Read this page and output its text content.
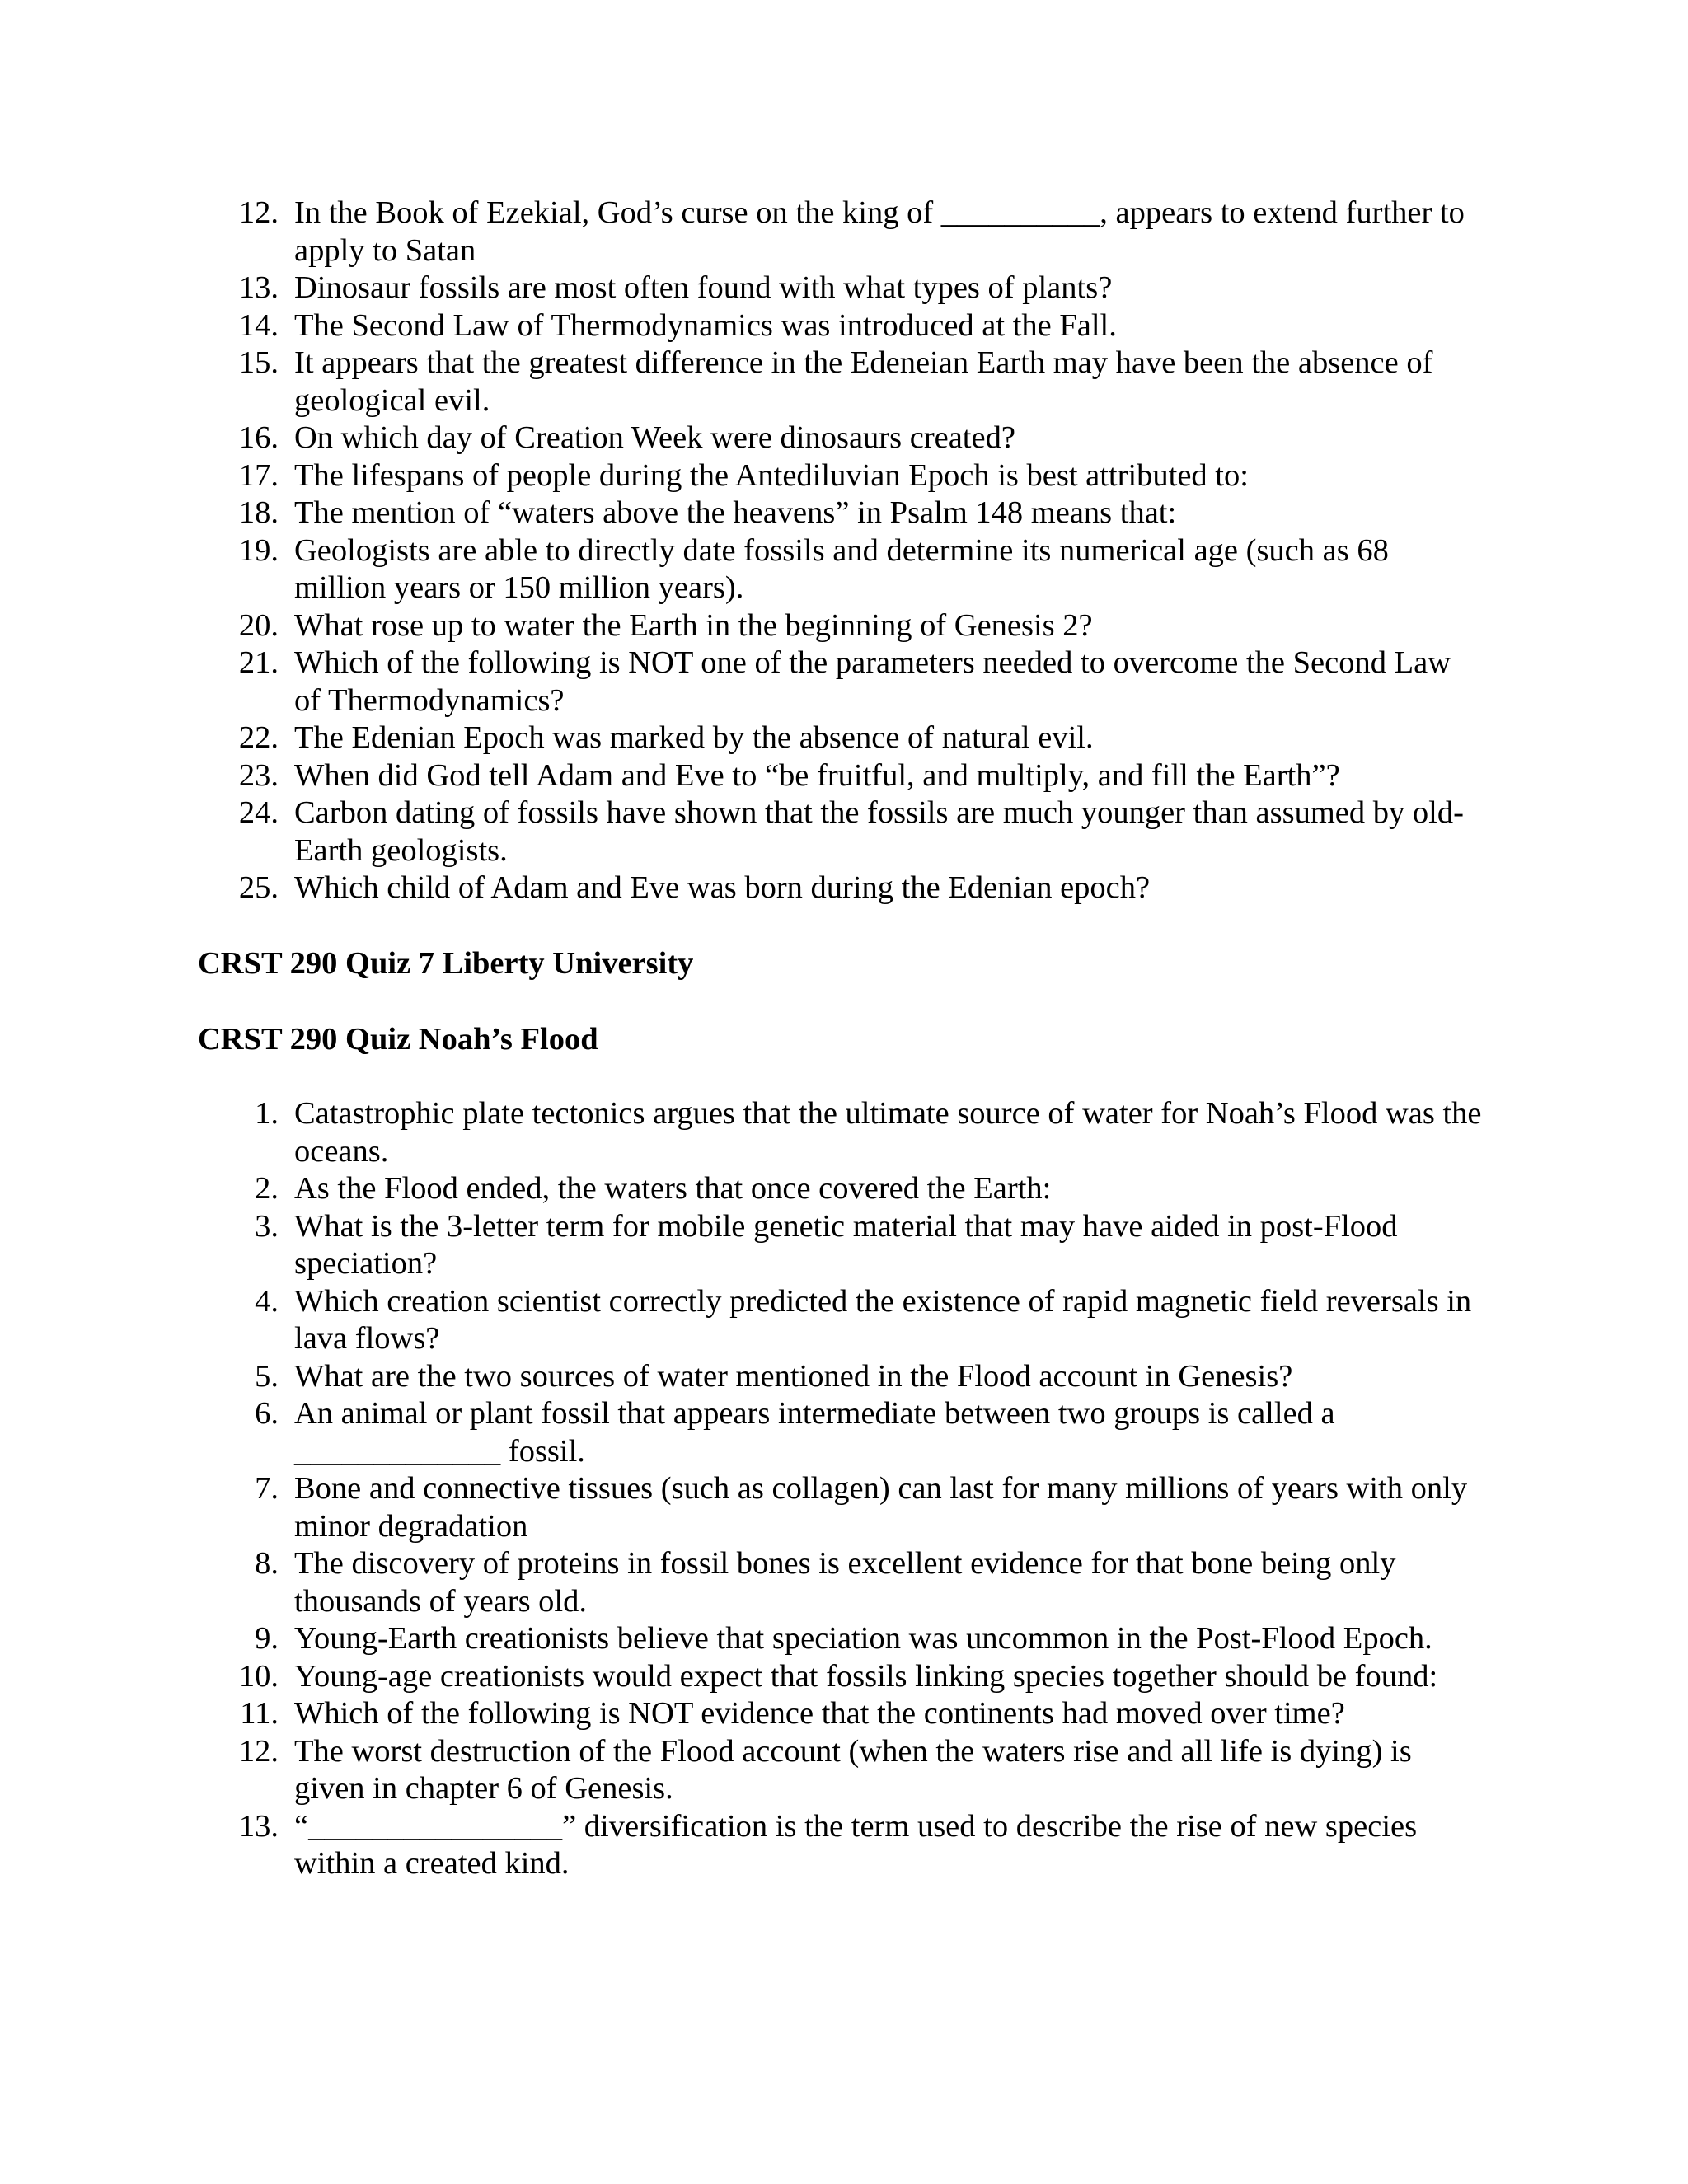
12. In the Book of Ezekial, God’s curse on the king of __________, appears to extend further to apply to Satan
13. Dinosaur fossils are most often found with what types of plants?
14. The Second Law of Thermodynamics was introduced at the Fall.
15. It appears that the greatest difference in the Edeneian Earth may have been the absence of geological evil.
16. On which day of Creation Week were dinosaurs created?
17. The lifespans of people during the Antediluvian Epoch is best attributed to:
18. The mention of “waters above the heavens” in Psalm 148 means that:
19. Geologists are able to directly date fossils and determine its numerical age (such as 68 million years or 150 million years).
20. What rose up to water the Earth in the beginning of Genesis 2?
21. Which of the following is NOT one of the parameters needed to overcome the Second Law of Thermodynamics?
22. The Edenian Epoch was marked by the absence of natural evil.
23. When did God tell Adam and Eve to “be fruitful, and multiply, and fill the Earth”?
24. Carbon dating of fossils have shown that the fossils are much younger than assumed by old-Earth geologists.
25. Which child of Adam and Eve was born during the Edenian epoch?
CRST 290 Quiz 7 Liberty University
CRST 290 Quiz Noah’s Flood
1. Catastrophic plate tectonics argues that the ultimate source of water for Noah’s Flood was the oceans.
2. As the Flood ended, the waters that once covered the Earth:
3. What is the 3-letter term for mobile genetic material that may have aided in post-Flood speciation?
4. Which creation scientist correctly predicted the existence of rapid magnetic field reversals in lava flows?
5. What are the two sources of water mentioned in the Flood account in Genesis?
6. An animal or plant fossil that appears intermediate between two groups is called a _____________ fossil.
7. Bone and connective tissues (such as collagen) can last for many millions of years with only minor degradation
8. The discovery of proteins in fossil bones is excellent evidence for that bone being only thousands of years old.
9. Young-Earth creationists believe that speciation was uncommon in the Post-Flood Epoch.
10. Young-age creationists would expect that fossils linking species together should be found:
11. Which of the following is NOT evidence that the continents had moved over time?
12. The worst destruction of the Flood account (when the waters rise and all life is dying) is given in chapter 6 of Genesis.
13. “________________” diversification is the term used to describe the rise of new species within a created kind.
